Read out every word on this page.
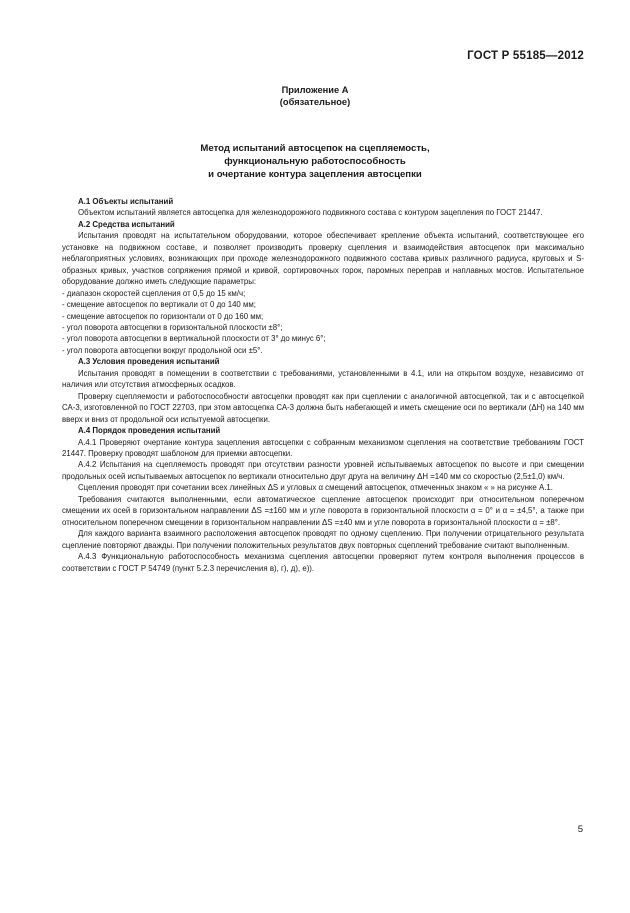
ГОСТ Р 55185—2012
Приложение А
(обязательное)
Метод испытаний автосцепок на сцепляемость,
функциональную работоспособность
и очертание контура зацепления автосцепки

А.1 Объекты испытаний

Объектом испытаний является автосцепка для железнодорожного подвижного состава с контуром зацепления по ГОСТ 21447.

А.2 Средства испытаний

Испытания проводят на испытательном оборудовании, которое обеспечивает крепление объекта испытаний, соответствующее его установке на подвижном составе, и позволяет производить проверку сцепления и взаимодействия автосцепок при максимально неблагоприятных условиях, возникающих при проходе железнодорожного подвижного состава кривых различного радиуса, круговых и S-образных кривых, участков сопряжения прямой и кривой, сортировочных горок, паромных переправ и наплавных мостов. Испытательное оборудование должно иметь следующие параметры:

- диапазон скоростей сцепления от 0,5 до 15 км/ч;

- смещение автосцепок по вертикали от 0 до 140 мм;

- смещение автосцепок по горизонтали от 0 до 160 мм;

- угол поворота автосцепки в горизонтальной плоскости ±8°;

- угол поворота автосцепки в вертикальной плоскости от 3° до минус 6°;

- угол поворота автосцепки вокруг продольной оси ±5°.

А.3 Условия проведения испытаний

Испытания проводят в помещении в соответствии с требованиями, установленными в 4.1, или на открытом воздухе, независимо от наличия или отсутствия атмосферных осадков.

Проверку сцепляемости и работоспособности автосцепки проводят как при сцеплении с аналогичной автосцепкой, так и с автосцепкой СА-3, изготовленной по ГОСТ 22703, при этом автосцепка СА-3 должна быть набегающей и иметь смещение оси по вертикали (ΔН) на 140 мм вверх и вниз от продольной оси испытуемой автосцепки.

А.4 Порядок проведения испытаний

А.4.1 Проверяют очертание контура зацепления автосцепки с собранным механизмом сцепления на соответствие требованиям ГОСТ 21447. Проверку проводят шаблоном для приемки автосцепки.

А.4.2 Испытания на сцепляемость проводят при отсутствии разности уровней испытываемых автосцепок по высоте и при смещении продольных осей испытываемых автосцепок по вертикали относительно друг друга на величину ΔН =140 мм со скоростью (2,5±1,0) км/ч.

Сцепления проводят при сочетании всех линейных ΔS и угловых α смещений автосцепок, отмеченных знаком « » на рисунке А.1.

Требования считаются выполненными, если автоматическое сцепление автосцепок происходит при относительном поперечном смещении их осей в горизонтальном направлении ΔS =±160 мм и угле поворота в горизонтальной плоскости α = 0° и α = ±4,5°, а также при относительном поперечном смещении в горизонтальном направлении ΔS =±40 мм и угле поворота в горизонтальной плоскости α = ±8°.

Для каждого варианта взаимного расположения автосцепок проводят по одному сцеплению. При получении отрицательного результата сцепление повторяют дважды. При получении положительных результатов двух повторных сцеплений требование считают выполненным.

А.4.3 Функциональную работоспособность механизма сцепления автосцепки проверяют путем контроля выполнения процессов в соответствии с ГОСТ Р 54749 (пункт 5.2.3 перечисления в), г), д), е)).

5
